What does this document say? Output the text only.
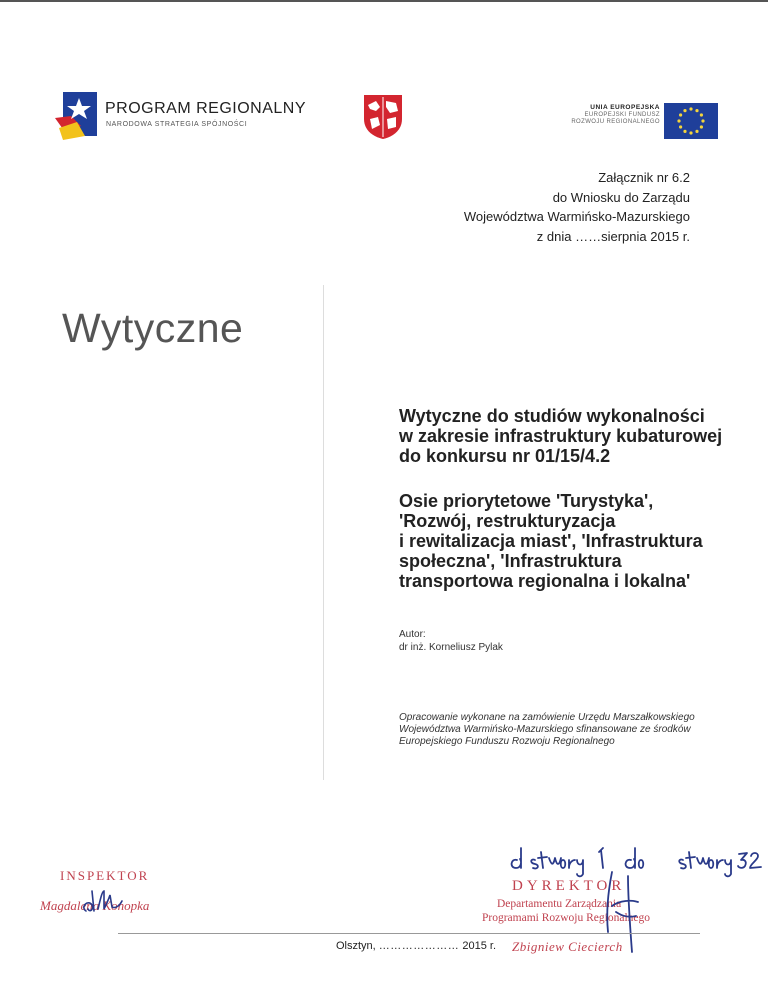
PROGRAM REGIONALNY
NARODOWA STRATEGIA SPÓJNOŚCI
UNIA EUROPEJSKA
EUROPEJSKI FUNDUSZ
ROZWOJU REGIONALNEGO
Załącznik nr 6.2
do Wniosku do Zarządu
Województwa Warmińsko-Mazurskiego
z dnia ……sierpnia 2015 r.
Wytyczne
Wytyczne do studiów wykonalności
w zakresie infrastruktury kubaturowej
do konkursu nr 01/15/4.2
Osie priorytetowe 'Turystyka',
'Rozwój, restrukturyzacja
i rewitalizacja miast', 'Infrastruktura
społeczna', 'Infrastruktura
transportowa regionalna i lokalna'
Autor:
dr inż. Korneliusz Pylak
Opracowanie wykonane na zamówienie Urzędu Marszałkowskiego
Województwa Warmińsko-Mazurskiego sfinansowane ze środków
Europejskiego Funduszu Rozwoju Regionalnego
INSPEKTOR
Magdalena Konopka
DYREKTOR
Departamentu Zarządzania
Programami Rozwoju Regionalnego
Zbigniew Ciecierch
Olsztyn, ………………… 2015 r.
